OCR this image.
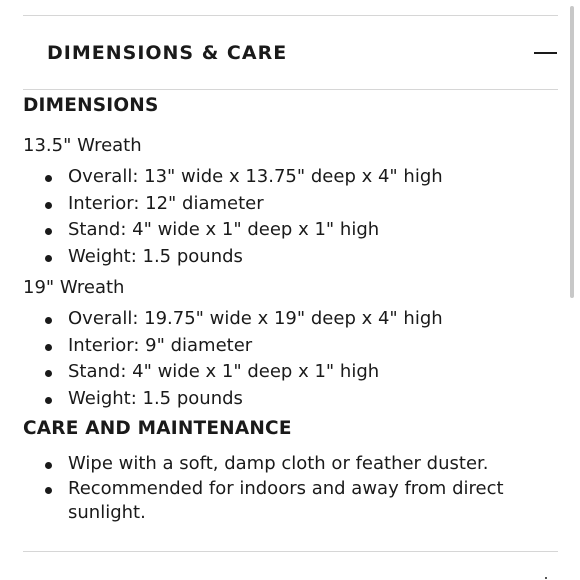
DIMENSIONS & CARE
DIMENSIONS
13.5" Wreath
Overall: 13" wide x 13.75" deep x 4" high
Interior: 12" diameter
Stand: 4" wide x 1" deep x 1" high
Weight: 1.5 pounds
19" Wreath
Overall: 19.75" wide x 19" deep x 4" high
Interior: 9" diameter
Stand: 4" wide x 1" deep x 1" high
Weight: 1.5 pounds
CARE AND MAINTENANCE
Wipe with a soft, damp cloth or feather duster.
Recommended for indoors and away from direct sunlight.
